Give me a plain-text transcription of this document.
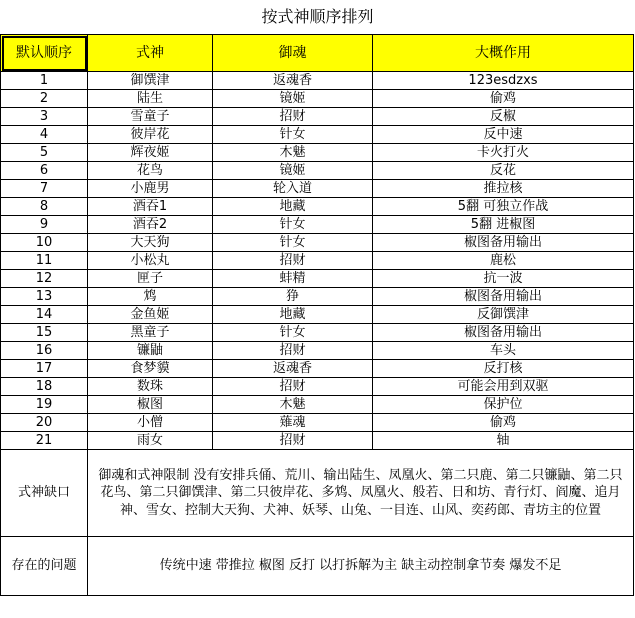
按式神顺序排列
默认顺序	式神	御魂	大概作用
1	御馔津	返魂香	123esdzxs
2	陆生	镜姬	偷鸡
3	雪童子	招财	反椒
4	彼岸花	针女	反中速
5	辉夜姬	木魅	卡火打火
6	花鸟	镜姬	反花
7	小鹿男	轮入道	推拉核
8	酒吞1	地藏	5翻 可独立作战
9	酒吞2	针女	5翻 进椒图
10	大天狗	针女	椒图备用输出
11	小松丸	招财	鹿松
12	匣子	蚌精	抗一波
13	鸩	狰	椒图备用输出
14	金鱼姬	地藏	反御馔津
15	黑童子	针女	椒图备用输出
16	镰鼬	招财	车头
17	食梦貘	返魂香	反打核
18	数珠	招财	可能会用到双驱
19	椒图	木魅	保护位
20	小僧	薙魂	偷鸡
21	雨女	招财	轴
式神缺口	御魂和式神限制 没有安排兵俑、荒川、输出陆生、凤凰火、第二只鹿、第二只镰鼬、第二只花鸟、第二只御馔津、第二只彼岸花、多鸩、凤凰火、般若、日和坊、青行灯、阎魔、追月神、雪女、控制大天狗、犬神、妖琴、山兔、一目连、山风、奕药郎、青坊主的位置		
存在的问题	传统中速 带推拉 椒图 反打 以打拆解为主 缺主动控制拿节奏 爆发不足		
